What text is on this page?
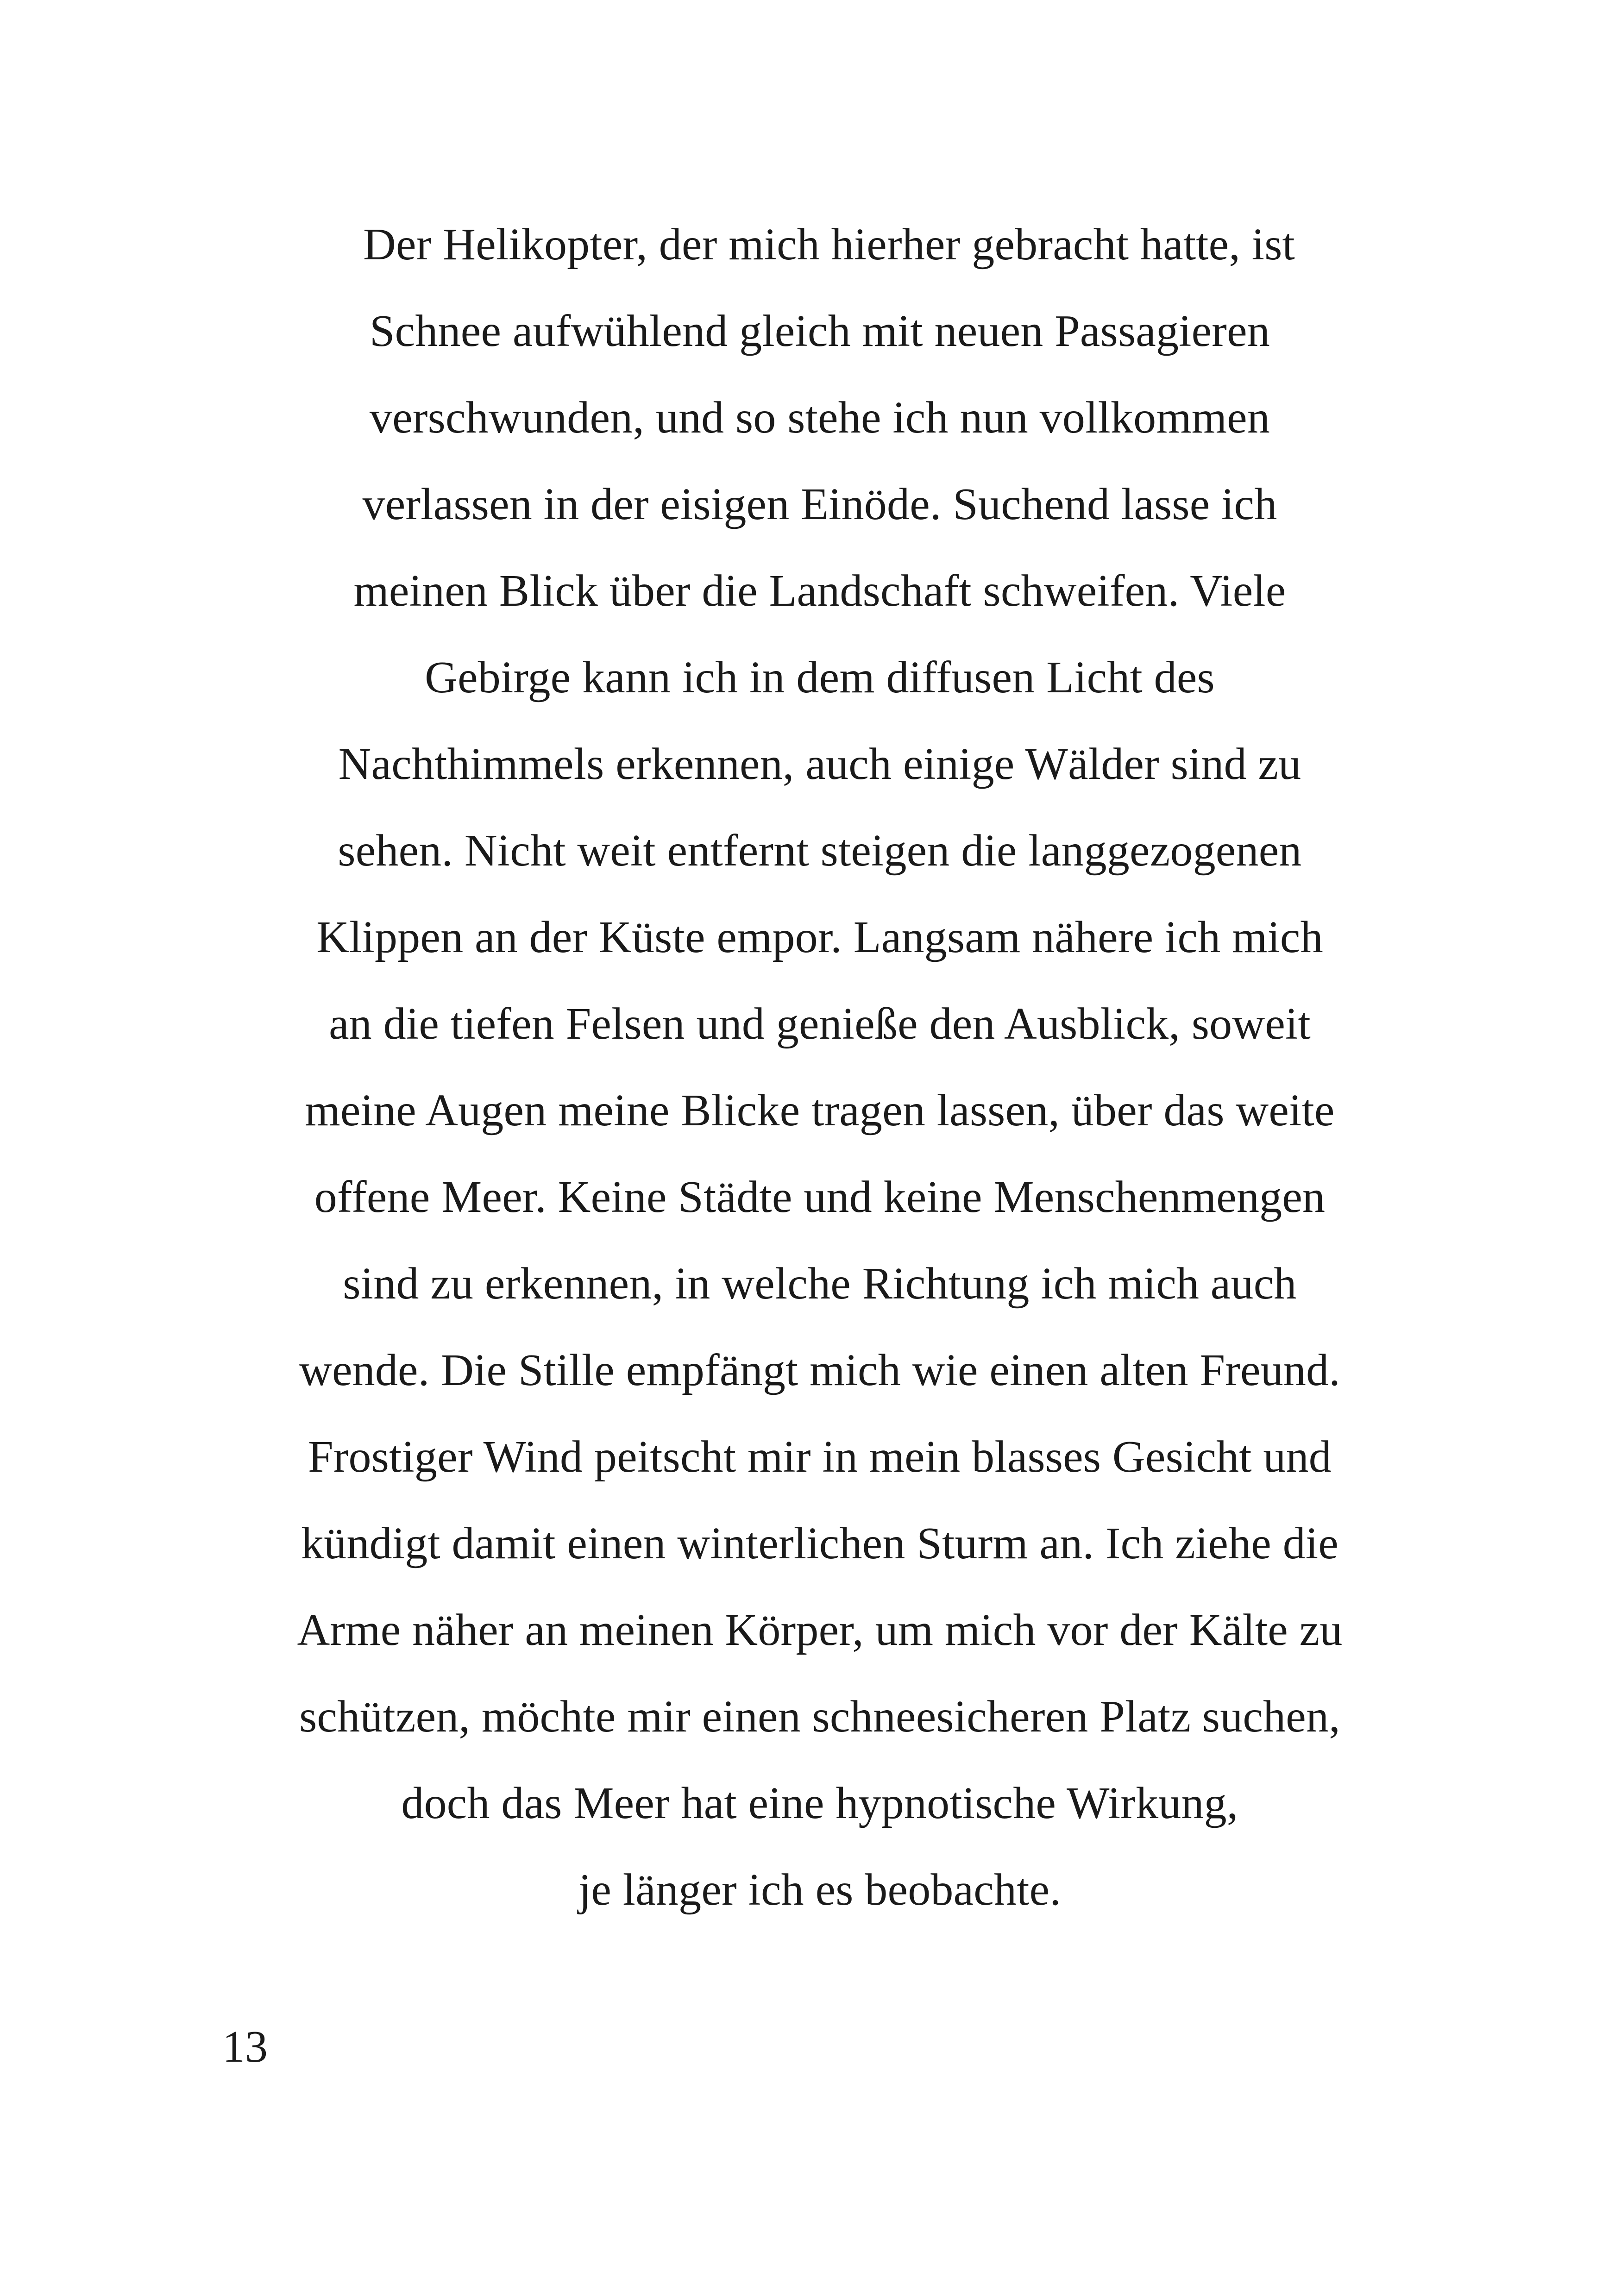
Der Helikopter, der mich hierher gebracht hatte, ist
Schnee aufwühlend gleich mit neuen Passagieren
verschwunden, und so stehe ich nun vollkommen
verlassen in der eisigen Einöde. Suchend lasse ich
meinen Blick über die Landschaft schweifen. Viele
Gebirge kann ich in dem diffusen Licht des
Nachthimmels erkennen, auch einige Wälder sind zu
sehen. Nicht weit entfernt steigen die langgezogenen
Klippen an der Küste empor. Langsam nähere ich mich
an die tiefen Felsen und genieße den Ausblick, soweit
meine Augen meine Blicke tragen lassen, über das weite
offene Meer. Keine Städte und keine Menschenmengen
sind zu erkennen, in welche Richtung ich mich auch
wende. Die Stille empfängt mich wie einen alten Freund.
Frostiger Wind peitscht mir in mein blasses Gesicht und
kündigt damit einen winterlichen Sturm an. Ich ziehe die
Arme näher an meinen Körper, um mich vor der Kälte zu
schützen, möchte mir einen schneesicheren Platz suchen,
doch das Meer hat eine hypnotische Wirkung,
je länger ich es beobachte.
13
